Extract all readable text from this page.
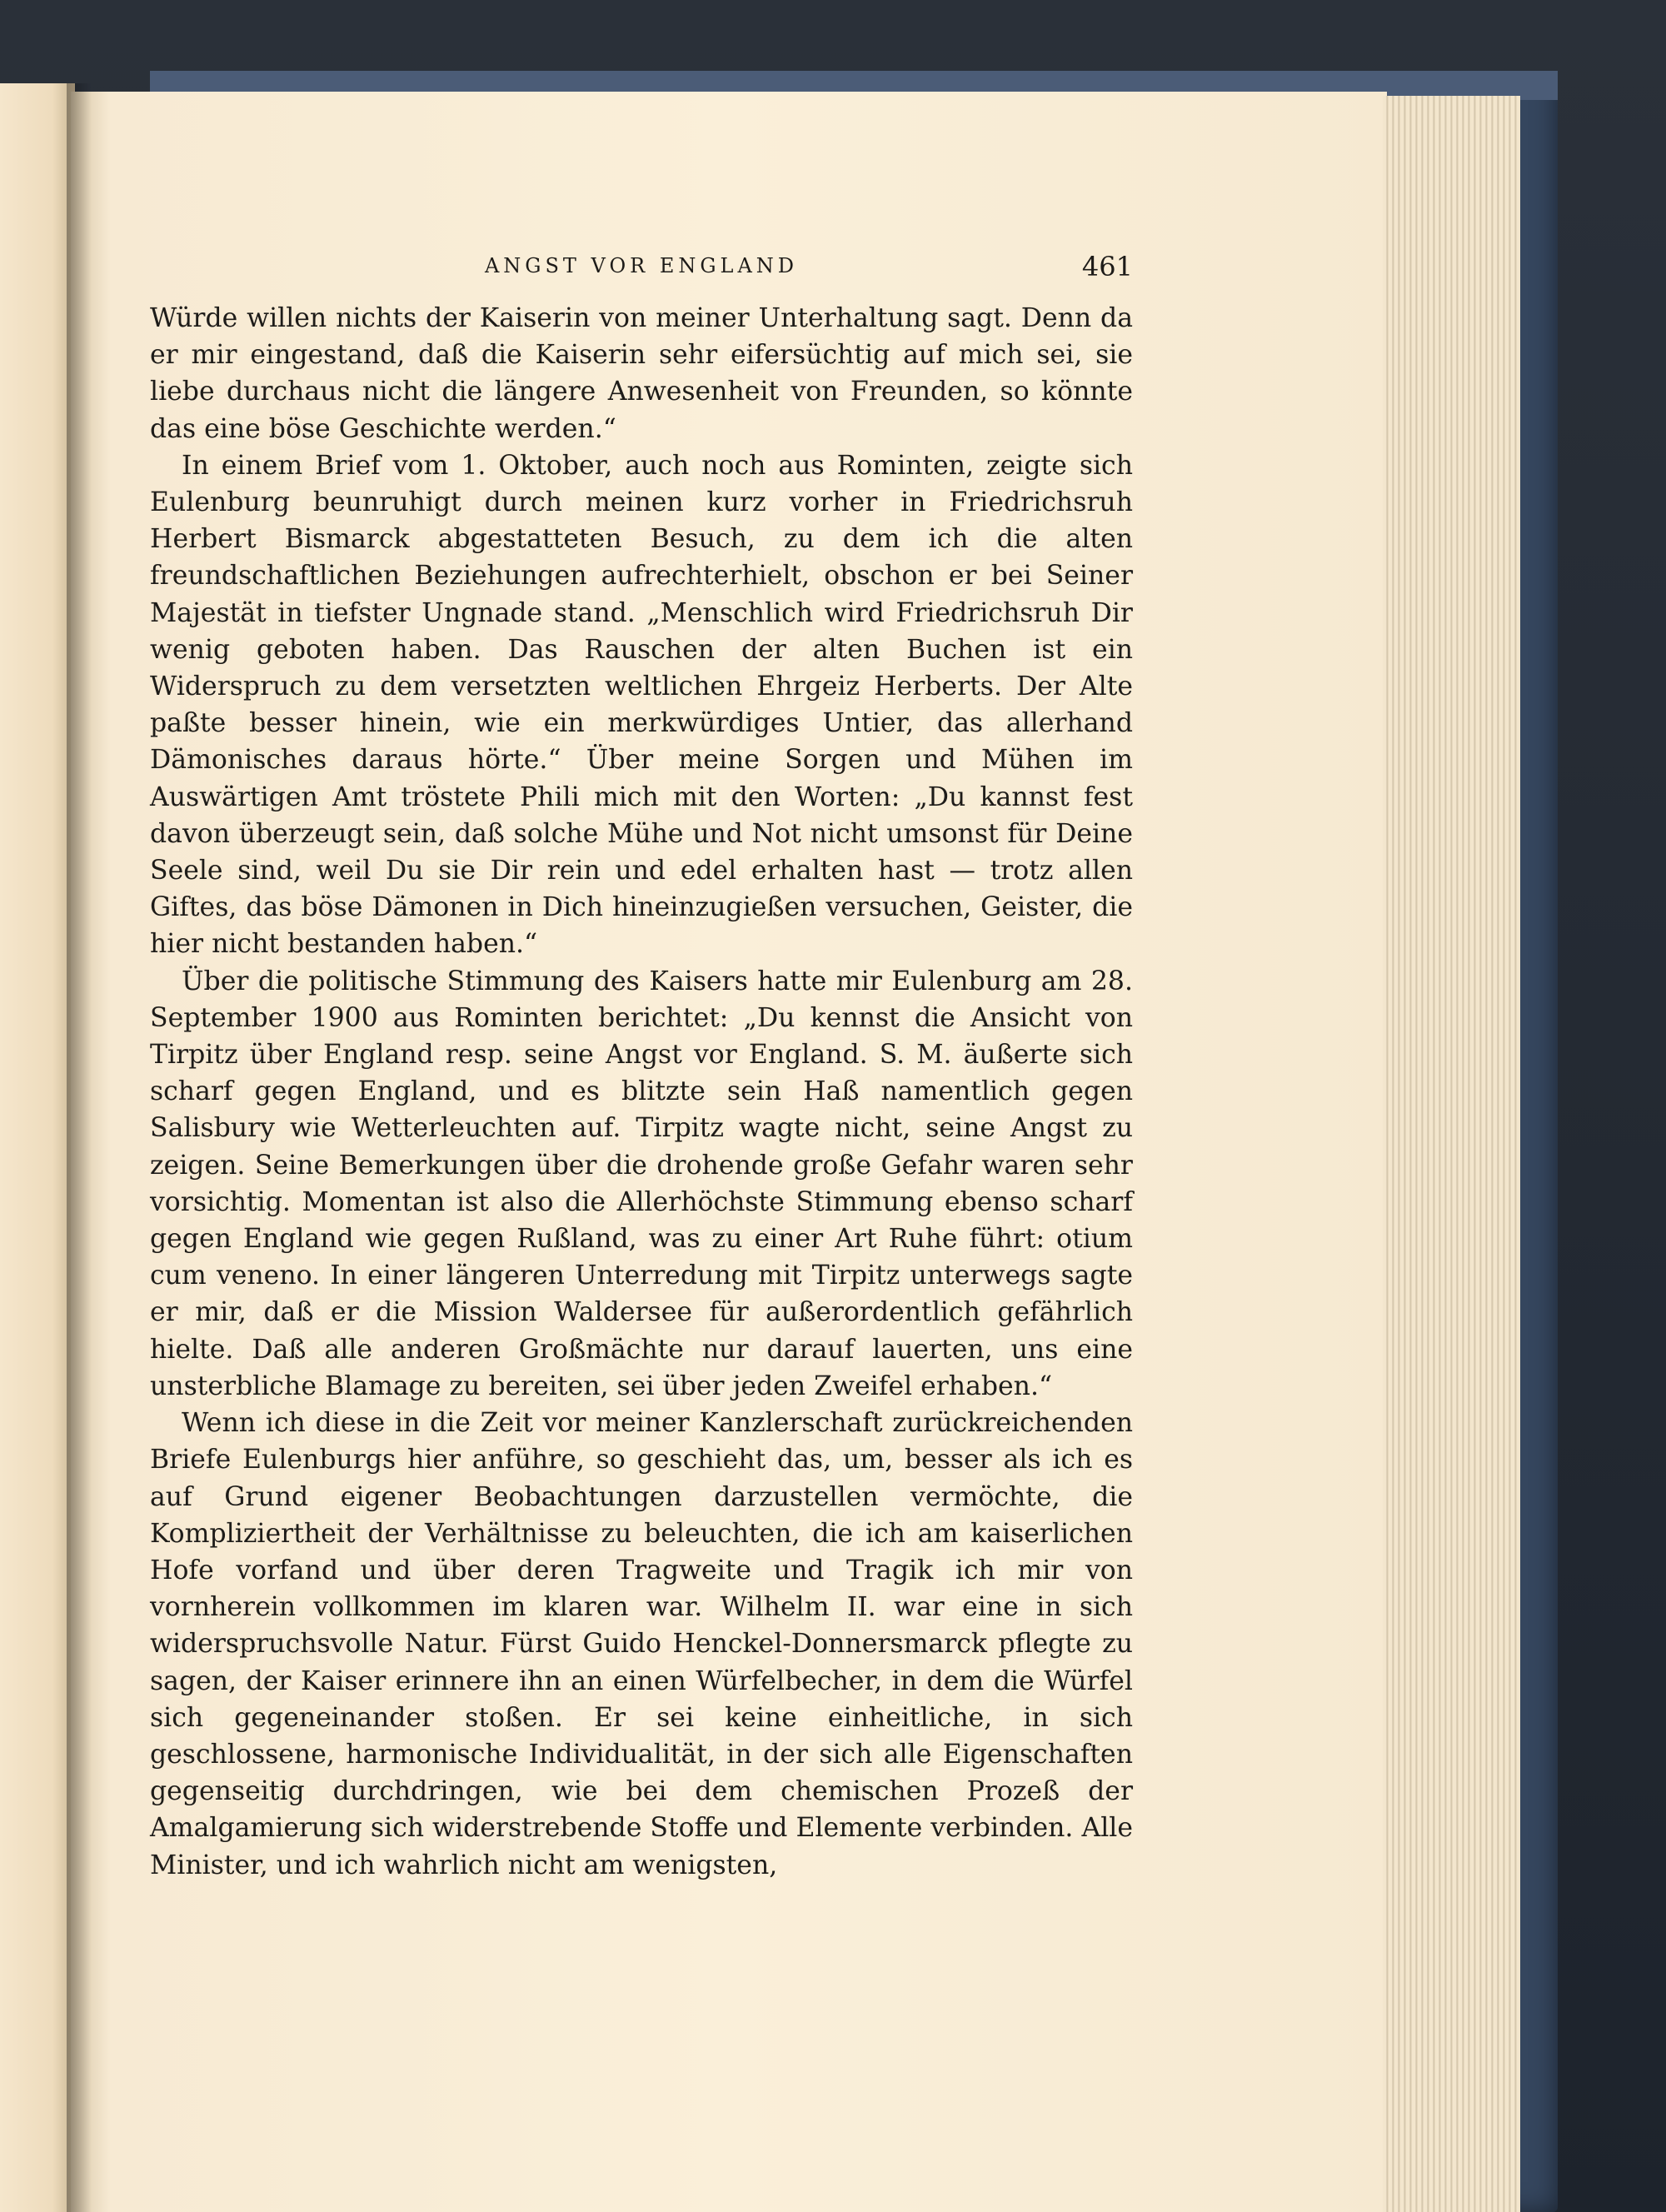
ANGST VOR ENGLAND	461

Würde willen nichts der Kaiserin von meiner Unterhaltung sagt. Denn da er mir eingestand, daß die Kaiserin sehr eifersüchtig auf mich sei, sie liebe durchaus nicht die längere Anwesenheit von Freunden, so könnte das eine böse Geschichte werden.“

In einem Brief vom 1. Oktober, auch noch aus Rominten, zeigte sich Eulenburg beunruhigt durch meinen kurz vorher in Friedrichsruh Herbert Bismarck abgestatteten Besuch, zu dem ich die alten freundschaftlichen Beziehungen aufrechterhielt, obschon er bei Seiner Majestät in tiefster Ungnade stand. „Menschlich wird Friedrichsruh Dir wenig geboten haben. Das Rauschen der alten Buchen ist ein Widerspruch zu dem versetzten weltlichen Ehrgeiz Herberts. Der Alte paßte besser hinein, wie ein merkwürdiges Untier, das allerhand Dämonisches daraus hörte.“ Über meine Sorgen und Mühen im Auswärtigen Amt tröstete Phili mich mit den Worten: „Du kannst fest davon überzeugt sein, daß solche Mühe und Not nicht umsonst für Deine Seele sind, weil Du sie Dir rein und edel erhalten hast — trotz allen Giftes, das böse Dämonen in Dich hineinzugießen versuchen, Geister, die hier nicht bestanden haben.“

Über die politische Stimmung des Kaisers hatte mir Eulenburg am 28. September 1900 aus Rominten berichtet: „Du kennst die Ansicht von Tirpitz über England resp. seine Angst vor England. S. M. äußerte sich scharf gegen England, und es blitzte sein Haß namentlich gegen Salisbury wie Wetterleuchten auf. Tirpitz wagte nicht, seine Angst zu zeigen. Seine Bemerkungen über die drohende große Gefahr waren sehr vorsichtig. Momentan ist also die Allerhöchste Stimmung ebenso scharf gegen England wie gegen Rußland, was zu einer Art Ruhe führt: otium cum veneno. In einer längeren Unterredung mit Tirpitz unterwegs sagte er mir, daß er die Mission Waldersee für außerordentlich gefährlich hielte. Daß alle anderen Großmächte nur darauf lauerten, uns eine unsterbliche Blamage zu bereiten, sei über jeden Zweifel erhaben.“

Wenn ich diese in die Zeit vor meiner Kanzlerschaft zurückreichenden Briefe Eulenburgs hier anführe, so geschieht das, um, besser als ich es auf Grund eigener Beobachtungen darzustellen vermöchte, die Kompliziertheit der Verhältnisse zu beleuchten, die ich am kaiserlichen Hofe vorfand und über deren Tragweite und Tragik ich mir von vornherein vollkommen im klaren war. Wilhelm II. war eine in sich widerspruchsvolle Natur. Fürst Guido Henckel-Donnersmarck pflegte zu sagen, der Kaiser erinnere ihn an einen Würfelbecher, in dem die Würfel sich gegeneinander stoßen. Er sei keine einheitliche, in sich geschlossene, harmonische Individualität, in der sich alle Eigenschaften gegenseitig durchdringen, wie bei dem chemischen Prozeß der Amalgamierung sich widerstrebende Stoffe und Elemente verbinden. Alle Minister, und ich wahrlich nicht am wenigsten,
